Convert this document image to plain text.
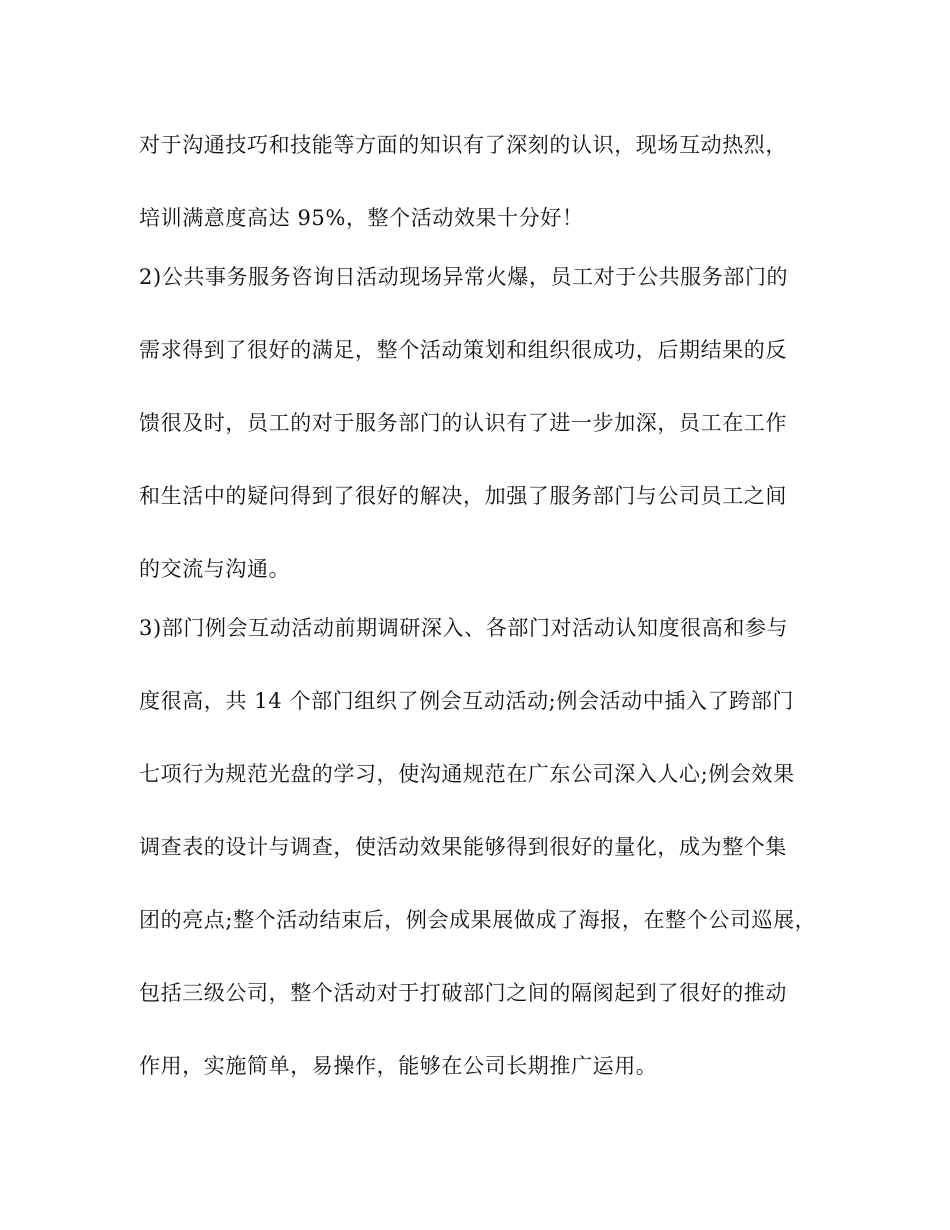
对于沟通技巧和技能等方面的知识有了深刻的认识，现场互动热烈，
培训满意度高达 95%，整个活动效果十分好！
2)公共事务服务咨询日活动现场异常火爆，员工对于公共服务部门的
需求得到了很好的满足，整个活动策划和组织很成功，后期结果的反
馈很及时，员工的对于服务部门的认识有了进一步加深，员工在工作
和生活中的疑问得到了很好的解决，加强了服务部门与公司员工之间
的交流与沟通。
3)部门例会互动活动前期调研深入、各部门对活动认知度很高和参与
度很高，共 14 个部门组织了例会互动活动;例会活动中插入了跨部门
七项行为规范光盘的学习，使沟通规范在广东公司深入人心;例会效果
调查表的设计与调查，使活动效果能够得到很好的量化，成为整个集
团的亮点;整个活动结束后，例会成果展做成了海报，在整个公司巡展，
包括三级公司，整个活动对于打破部门之间的隔阂起到了很好的推动
作用，实施简单，易操作，能够在公司长期推广运用。
